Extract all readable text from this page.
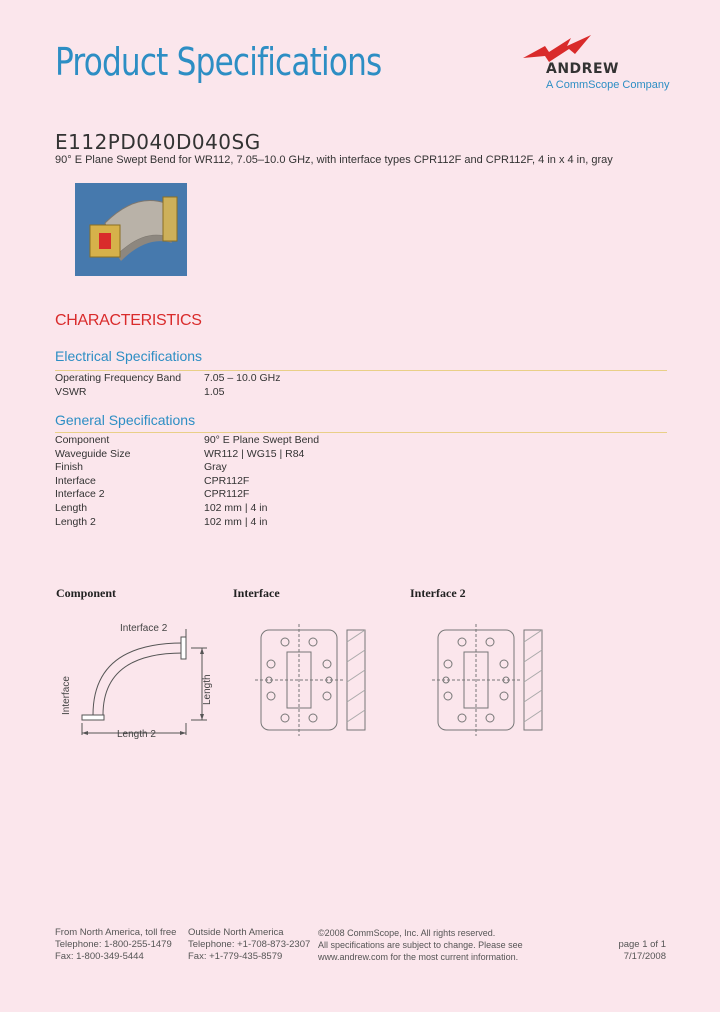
Product Specifications	ANDREW
A CommScope Company
E112PD040D040SG
90° E Plane Swept Bend for WR112, 7.05–10.0 GHz, with interface types CPR112F and CPR112F, 4 in x 4 in, gray
CHARACTERISTICS
Electrical Specifications
Operating Frequency Band 7.05 – 10.0 GHz
VSWR	1.05
General Specifications
Component	90° E Plane Swept Bend
Waveguide Size	WR112 | WG15 | R84
Finish	Gray
Interface	CPR112F
Interface 2	CPR112F
Length	102 mm | 4 in
Length 2	102 mm | 4 in
Component	Interface	Interface 2
Interface 2
Interface	Length
Length 2
From North America, toll free
Telephone: 1-800-255-1479
Fax: 1-800-349-5444
Outside North America
Telephone: +1-708-873-2307
Fax: +1-779-435-8579
©2008 CommScope, Inc. All rights reserved.
All specifications are subject to change. Please see
www.andrew.com for the most current information.
page 1 of 1
7/17/2008
